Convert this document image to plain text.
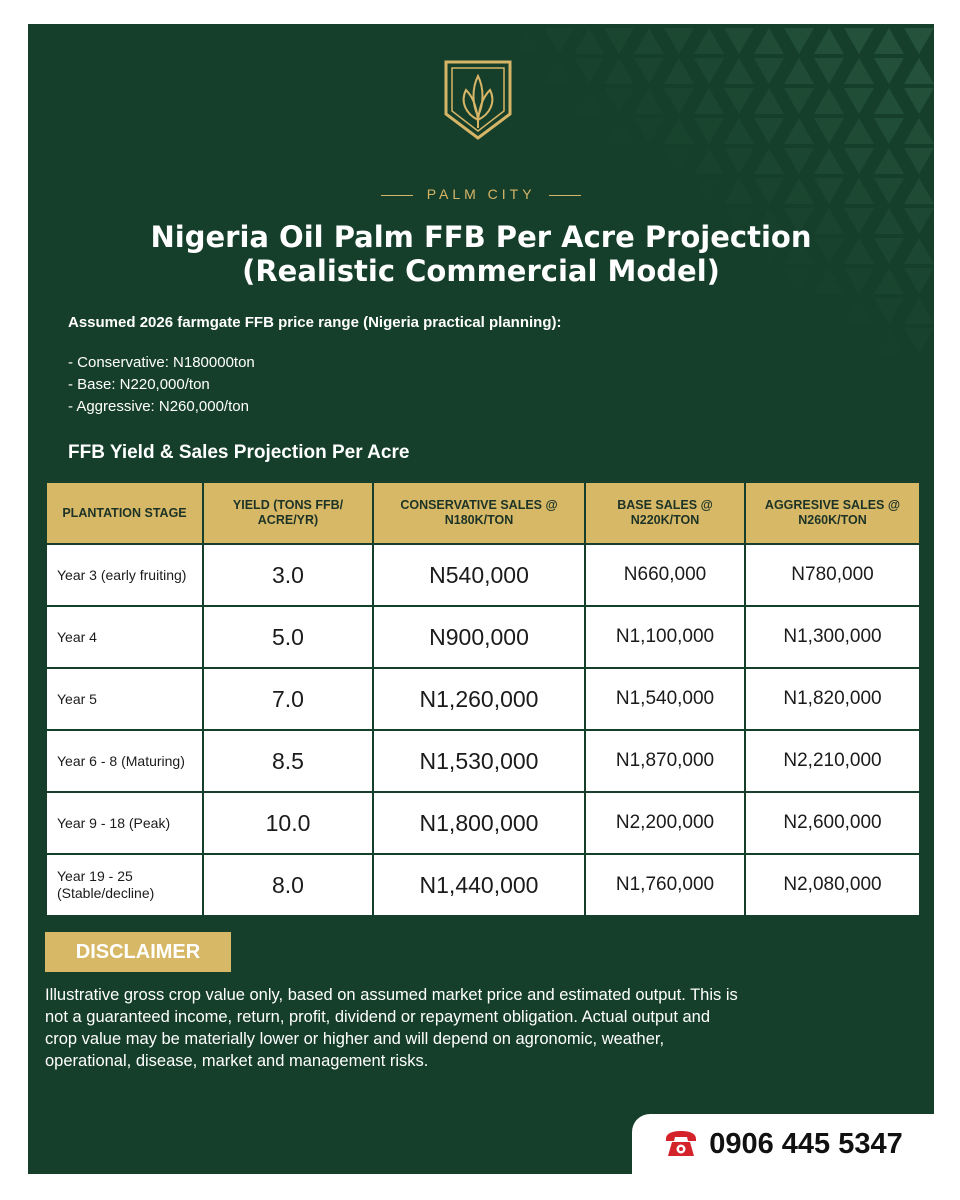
PALM CITY
Nigeria Oil Palm FFB Per Acre Projection
(Realistic Commercial Model)
Assumed 2026 farmgate FFB price range (Nigeria practical planning):
- Conservative: N180000ton
- Base: N220,000/ton
- Aggressive: N260,000/ton
FFB Yield & Sales Projection Per Acre
PLANTATION STAGE	YIELD (TONS FFB/ ACRE/YR)	CONSERVATIVE SALES @ N180K/TON	BASE SALES @ N220K/TON	AGGRESIVE SALES @ N260K/TON
Year 3 (early fruiting)	3.0	N540,000	N660,000	N780,000
Year 4	5.0	N900,000	N1,100,000	N1,300,000
Year 5	7.0	N1,260,000	N1,540,000	N1,820,000
Year 6 - 8 (Maturing)	8.5	N1,530,000	N1,870,000	N2,210,000
Year 9 - 18 (Peak)	10.0	N1,800,000	N2,200,000	N2,600,000
Year 19 - 25 (Stable/decline)	8.0	N1,440,000	N1,760,000	N2,080,000
DISCLAIMER

Illustrative gross crop value only, based on assumed market price and estimated output. This is not a guaranteed income, return, profit, dividend or repayment obligation. Actual output and crop value may be materially lower or higher and will depend on agronomic, weather, operational, disease, market and management risks.

0906 445 5347
